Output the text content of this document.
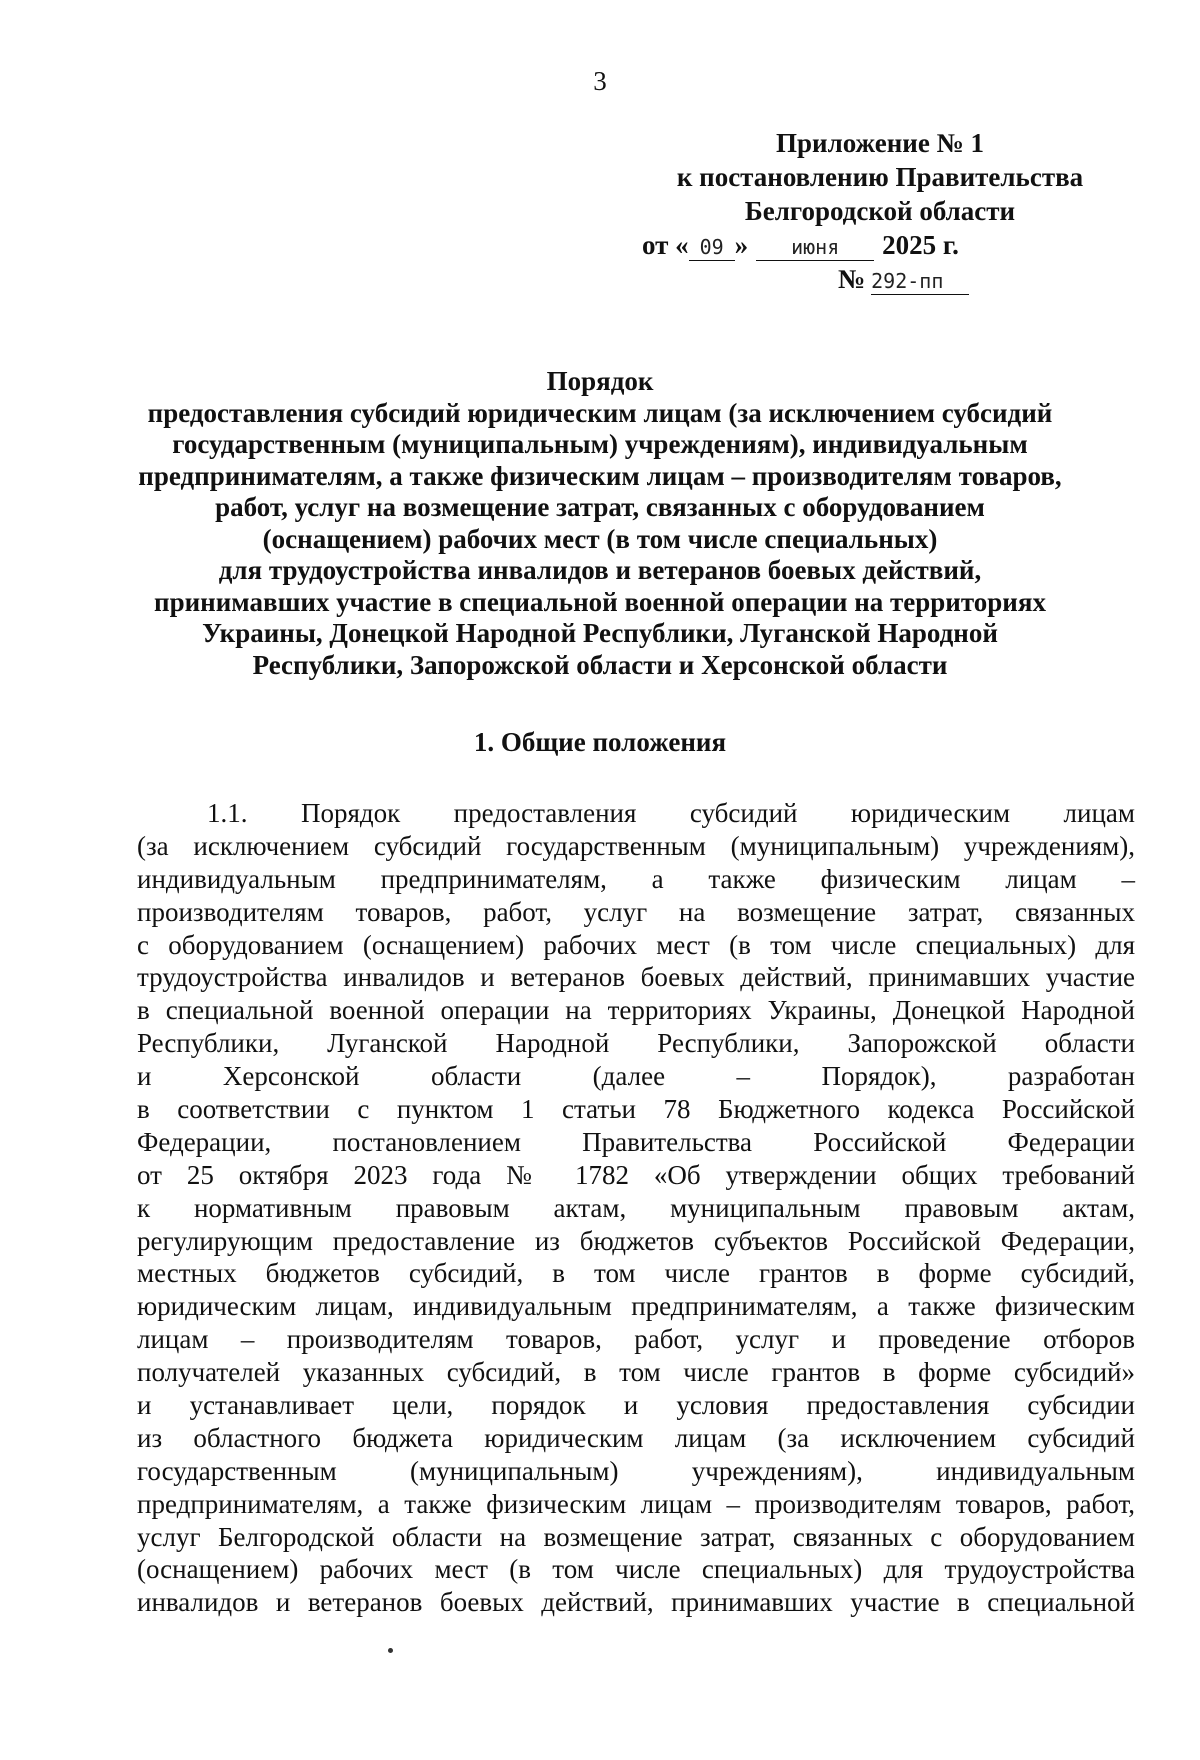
3
Приложение № 1
к постановлению Правительства
Белгородской области
от « 09 » июня 2025 г.
№ 292-пп
Порядок
предоставления субсидий юридическим лицам (за исключением субсидий
государственным (муниципальным) учреждениям), индивидуальным
предпринимателям, а также физическим лицам – производителям товаров,
работ, услуг на возмещение затрат, связанных с оборудованием
(оснащением) рабочих мест (в том числе специальных)
для трудоустройства инвалидов и ветеранов боевых действий,
принимавших участие в специальной военной операции на территориях
Украины, Донецкой Народной Республики, Луганской Народной
Республики, Запорожской области и Херсонской области
1. Общие положения
1.1. Порядок предоставления субсидий юридическим лицам
(за исключением субсидий государственным (муниципальным) учреждениям),
индивидуальным предпринимателям, а также физическим лицам –
производителям товаров, работ, услуг на возмещение затрат, связанных
с оборудованием (оснащением) рабочих мест (в том числе специальных) для
трудоустройства инвалидов и ветеранов боевых действий, принимавших участие
в специальной военной операции на территориях Украины, Донецкой Народной
Республики, Луганской Народной Республики, Запорожской области
и Херсонской области (далее – Порядок), разработан
в соответствии с пунктом 1 статьи 78 Бюджетного кодекса Российской
Федерации, постановлением Правительства Российской Федерации
от 25 октября 2023 года № 1782 «Об утверждении общих требований
к нормативным правовым актам, муниципальным правовым актам,
регулирующим предоставление из бюджетов субъектов Российской Федерации,
местных бюджетов субсидий, в том числе грантов в форме субсидий,
юридическим лицам, индивидуальным предпринимателям, а также физическим
лицам – производителям товаров, работ, услуг и проведение отборов
получателей указанных субсидий, в том числе грантов в форме субсидий»
и устанавливает цели, порядок и условия предоставления субсидии
из областного бюджета юридическим лицам (за исключением субсидий
государственным (муниципальным) учреждениям), индивидуальным
предпринимателям, а также физическим лицам – производителям товаров, работ,
услуг Белгородской области на возмещение затрат, связанных с оборудованием
(оснащением) рабочих мест (в том числе специальных) для трудоустройства
инвалидов и ветеранов боевых действий, принимавших участие в специальной
